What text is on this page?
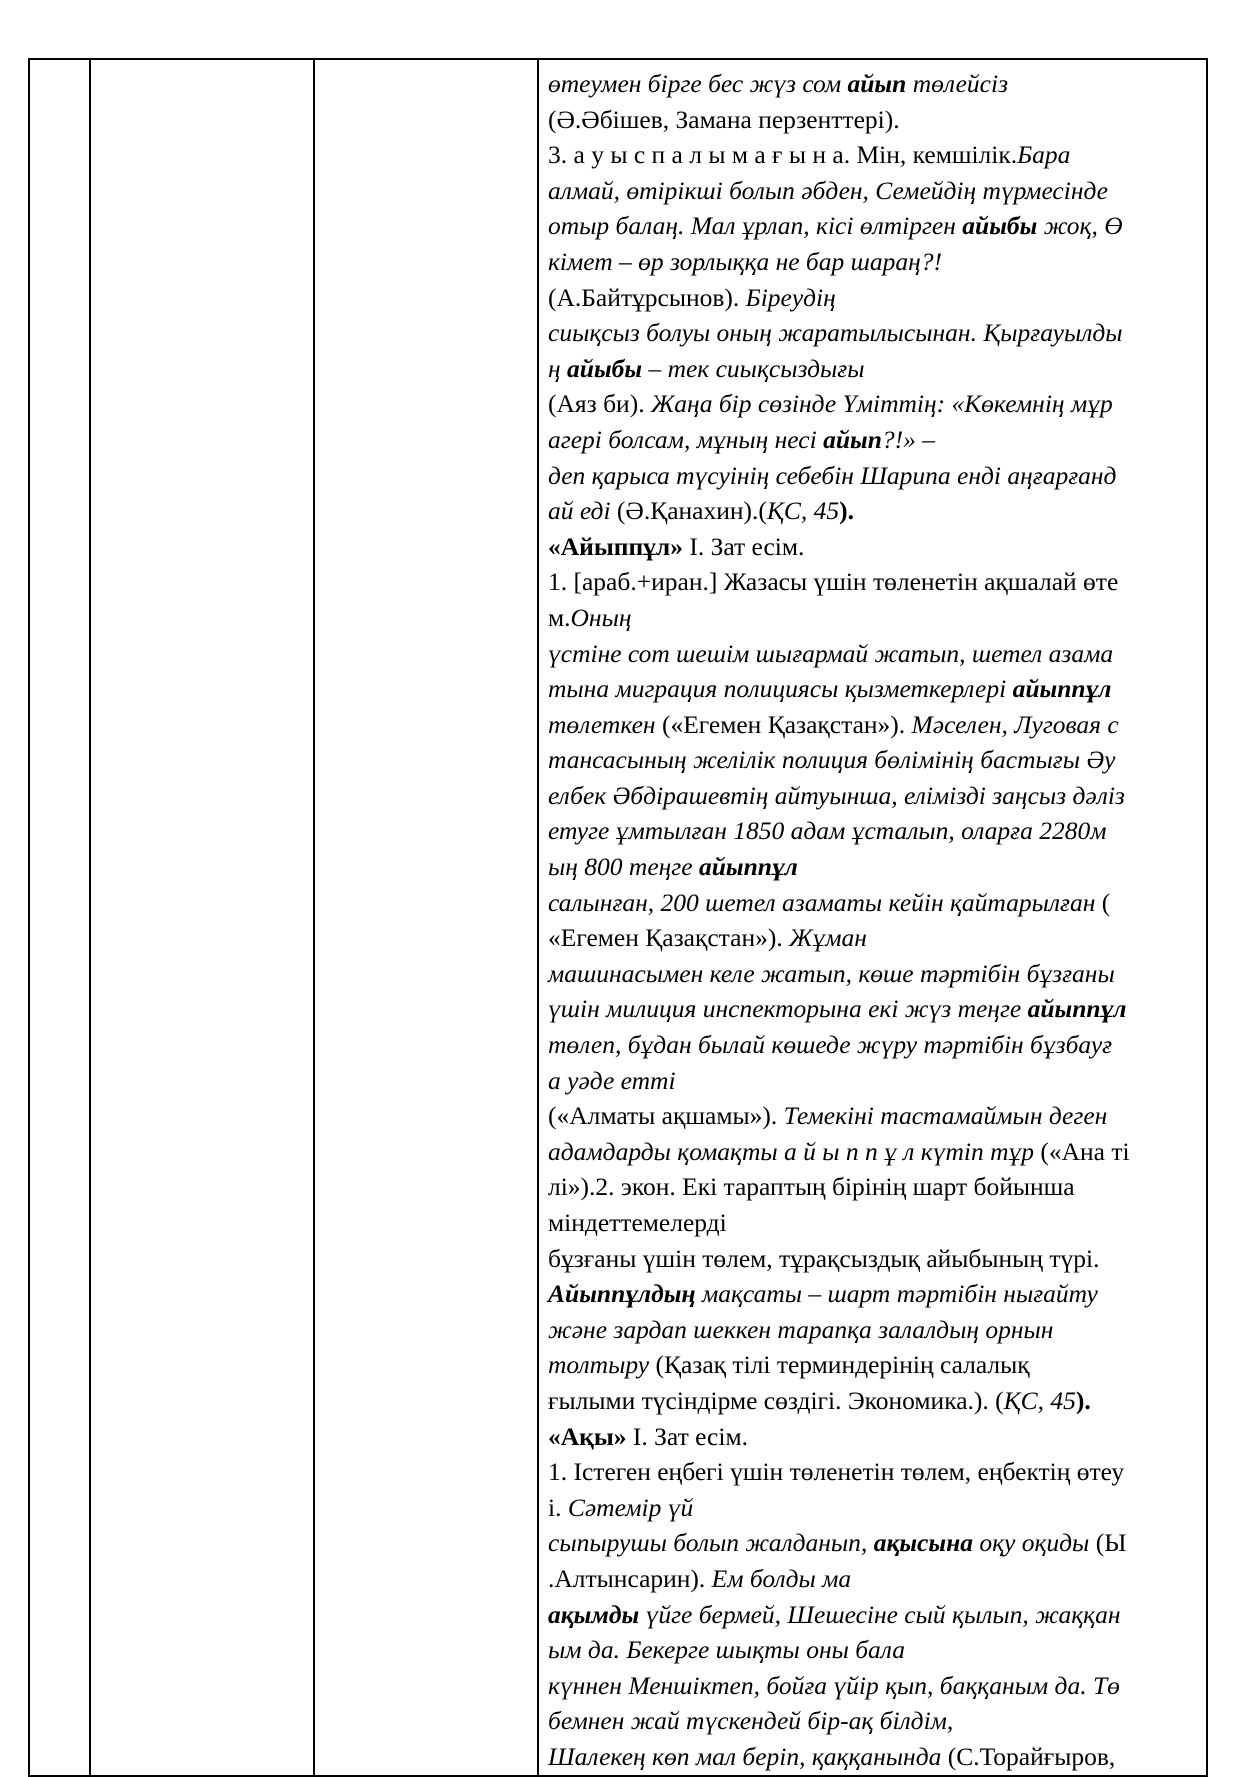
өтеумен бірге бес жүз сом айып төлейсіз

(Ә.Әбішев, Замана перзенттері).

3. а у ы с п а л ы м а ғ ы н а. Мін, кемшілік.Бара

алмай, өтірікші болып әбден, Семейдің түрмесінде

отыр балаң. Мал ұрлап, кісі өлтірген айыбы жоқ, Ө

кімет – өр зорлыққа не бар шараң?!

(А.Байтұрсынов). Біреудің

сиықсыз болуы оның жаратылысынан. Қырғауылды

ң айыбы – тек сиықсыздығы

(Аяз би). Жаңа бір сөзінде Үміттің: «Көкемнің мұр

агері болсам, мұның несі айып?!» –

деп қарыса түсуінің себебін Шарипа енді аңғарғанд

ай еді (Ә.Қанахин).(ҚС, 45).

«Айыппұл» I. Зат есім.

1. [араб.+иран.] Жазасы үшін төленетін ақшалай өте

м.Оның

үстіне сот шешім шығармай жатып, шетел азама

тына миграция полициясы қызметкерлері айыппұл

төлеткен («Егемен Қазақстан»). Мәселен, Луговая с

тансасының желілік полиция бөлімінің бастығы Әу

елбек Әбдірашевтің айтуынша, елімізді заңсыз дәліз

етуге ұмтылған 1850 адам ұсталып, оларға 2280м

ың 800 теңге айыппұл

салынған, 200 шетел азаматы кейін қайтарылған (

«Егемен Қазақстан»). Жұман

машинасымен келе жатып, көше тәртібін бұзғаны

үшін милиция инспекторына екі жүз теңге айыппұл

төлеп, бұдан былай көшеде жүру тәртібін бұзбауғ

а уәде етті

(«Алматы ақшамы»). Темекіні тастамаймын деген

адамдарды қомақты а й ы п п ұ л күтіп тұр («Ана ті

лі»).2. экон. Екі тараптың бірінің шарт бойынша

міндеттемелерді

бұзғаны үшін төлем, тұрақсыздық айыбының түрі.

Айыппұлдың мақсаты – шарт тәртібін нығайту

және зардап шеккен тарапқа залалдың орнын

толтыру (Қазақ тілі терминдерінің салалық

ғылыми түсіндірме сөздігі. Экономика.). (ҚС, 45).

«Ақы» I. Зат есім.

1. Істеген еңбегі үшін төленетін төлем, еңбектің өтеу

і. Сәтемір үй

сыпырушы болып жалданып, ақысына оқу оқиды (Ы

.Алтынсарин). Ем болды ма

ақымды үйге бермей, Шешесіне сый қылып, жаққан

ым да. Бекерге шықты оны бала

күннен Меншіктеп, бойға үйір қып, баққаным да. Тө

бемнен жай түскендей бір-ақ білдім,

Шалекең көп мал беріп, қаққанында (С.Торайғыров,
